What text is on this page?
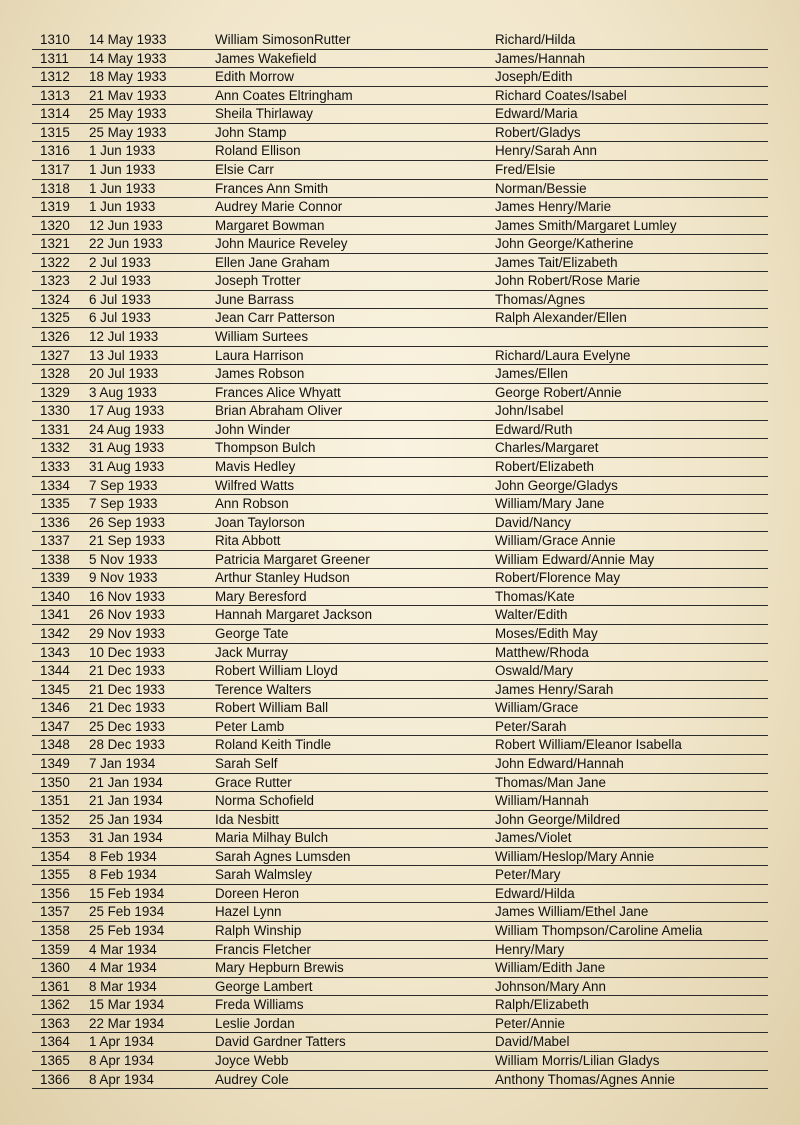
1310 14 May 1933	William SimosonRutter	Richard/Hilda
1311 14 May 1933	James Wakefield	James/Hannah
1312 18 May 1933	Edith Morrow	Joseph/Edith
1313 21 Mav 1933	Ann Coates Eltringham	Richard Coates/Isabel
1314 25 May 1933	Sheila Thirlaway	Edward/Maria
1315 25 May 1933	John Stamp	Robert/Gladys
1316 1 Jun 1933	Roland Ellison	Henry/Sarah Ann
1317 1 Jun 1933	Elsie Carr	Fred/Elsie
1318 1 Jun 1933	Frances Ann Smith	Norman/Bessie
1319 1 Jun 1933	Audrey Marie Connor	James Henry/Marie
1320 12 Jun 1933	Margaret Bowman	James Smith/Margaret Lumley
1321 22 Jun 1933	John Maurice Reveley	John George/Katherine
1322 2 Jul 1933	Ellen Jane Graham	James Tait/Elizabeth
1323 2 Jul 1933	Joseph Trotter	John Robert/Rose Marie
1324 6 Jul 1933	June Barrass	Thomas/Agnes
1325 6 Jul 1933	Jean Carr Patterson	Ralph Alexander/Ellen
1326 12 Jul 1933	William Surtees
1327 13 Jul 1933	Laura Harrison	Richard/Laura Evelyne
1328 20 Jul 1933	James Robson	James/Ellen
1329 3 Aug 1933	Frances Alice Whyatt	George Robert/Annie
1330 17 Aug 1933	Brian Abraham Oliver	John/Isabel
1331 24 Aug 1933	John Winder	Edward/Ruth
1332 31 Aug 1933	Thompson Bulch	Charles/Margaret
1333 31 Aug 1933	Mavis Hedley	Robert/Elizabeth
1334 7 Sep 1933	Wilfred Watts	John George/Gladys
1335 7 Sep 1933	Ann Robson	William/Mary Jane
1336 26 Sep 1933	Joan Taylorson	David/Nancy
1337 21 Sep 1933	Rita Abbott	William/Grace Annie
1338 5 Nov 1933	Patricia Margaret Greener	William Edward/Annie May
1339 9 Nov 1933	Arthur Stanley Hudson	Robert/Florence May
1340 16 Nov 1933	Mary Beresford	Thomas/Kate
1341 26 Nov 1933	Hannah Margaret Jackson	Walter/Edith
1342 29 Nov 1933	George Tate	Moses/Edith May
1343 10 Dec 1933	Jack Murray	Matthew/Rhoda
1344 21 Dec 1933	Robert William Lloyd	Oswald/Mary
1345 21 Dec 1933	Terence Walters	James Henry/Sarah
1346 21 Dec 1933	Robert William Ball	William/Grace
1347 25 Dec 1933	Peter Lamb	Peter/Sarah
1348 28 Dec 1933	Roland Keith Tindle	Robert William/Eleanor Isabella
1349 7 Jan 1934	Sarah Self	John Edward/Hannah
1350 21 Jan 1934	Grace Rutter	Thomas/Man Jane
1351 21 Jan 1934	Norma Schofield	William/Hannah
1352 25 Jan 1934	Ida Nesbitt	John George/Mildred
1353 31 Jan 1934	Maria Milhay Bulch	James/Violet
1354 8 Feb 1934	Sarah Agnes Lumsden	William/Heslop/Mary Annie
1355 8 Feb 1934	Sarah Walmsley	Peter/Mary
1356 15 Feb 1934	Doreen Heron	Edward/Hilda
1357 25 Feb 1934	Hazel Lynn	James William/Ethel Jane
1358 25 Feb 1934	Ralph Winship	William Thompson/Caroline Amelia
1359 4 Mar 1934	Francis Fletcher	Henry/Mary
1360 4 Mar 1934	Mary Hepburn Brewis	William/Edith Jane
1361 8 Mar 1934	George Lambert	Johnson/Mary Ann
1362 15 Mar 1934	Freda Williams	Ralph/Elizabeth
1363 22 Mar 1934	Leslie Jordan	Peter/Annie
1364 1 Apr 1934	David Gardner Tatters	David/Mabel
1365 8 Apr 1934	Joyce Webb	William Morris/Lilian Gladys
1366 8 Apr 1934	Audrey Cole	Anthony Thomas/Agnes Annie
